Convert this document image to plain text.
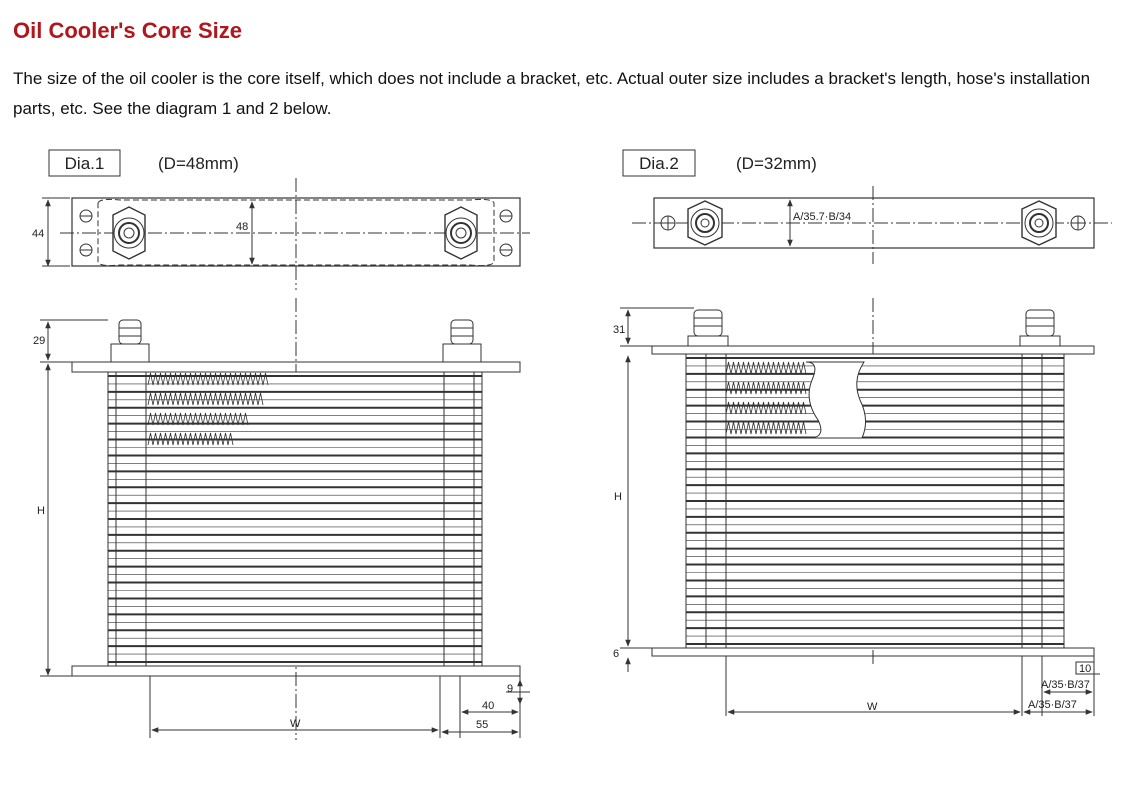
Oil Cooler's Core Size

The size of the oil cooler is the core itself, which does not include a bracket, etc. Actual outer size includes a bracket's length, hose's installation parts, etc. See the diagram 1 and 2 below.

Dia.1	(D=48mm)
44
48
29
H
W
9
40
55
Dia.2	(D=32mm)
A/35.7·B/34
31
H
6
W
10
A/35·B/37
A/35·B/37
